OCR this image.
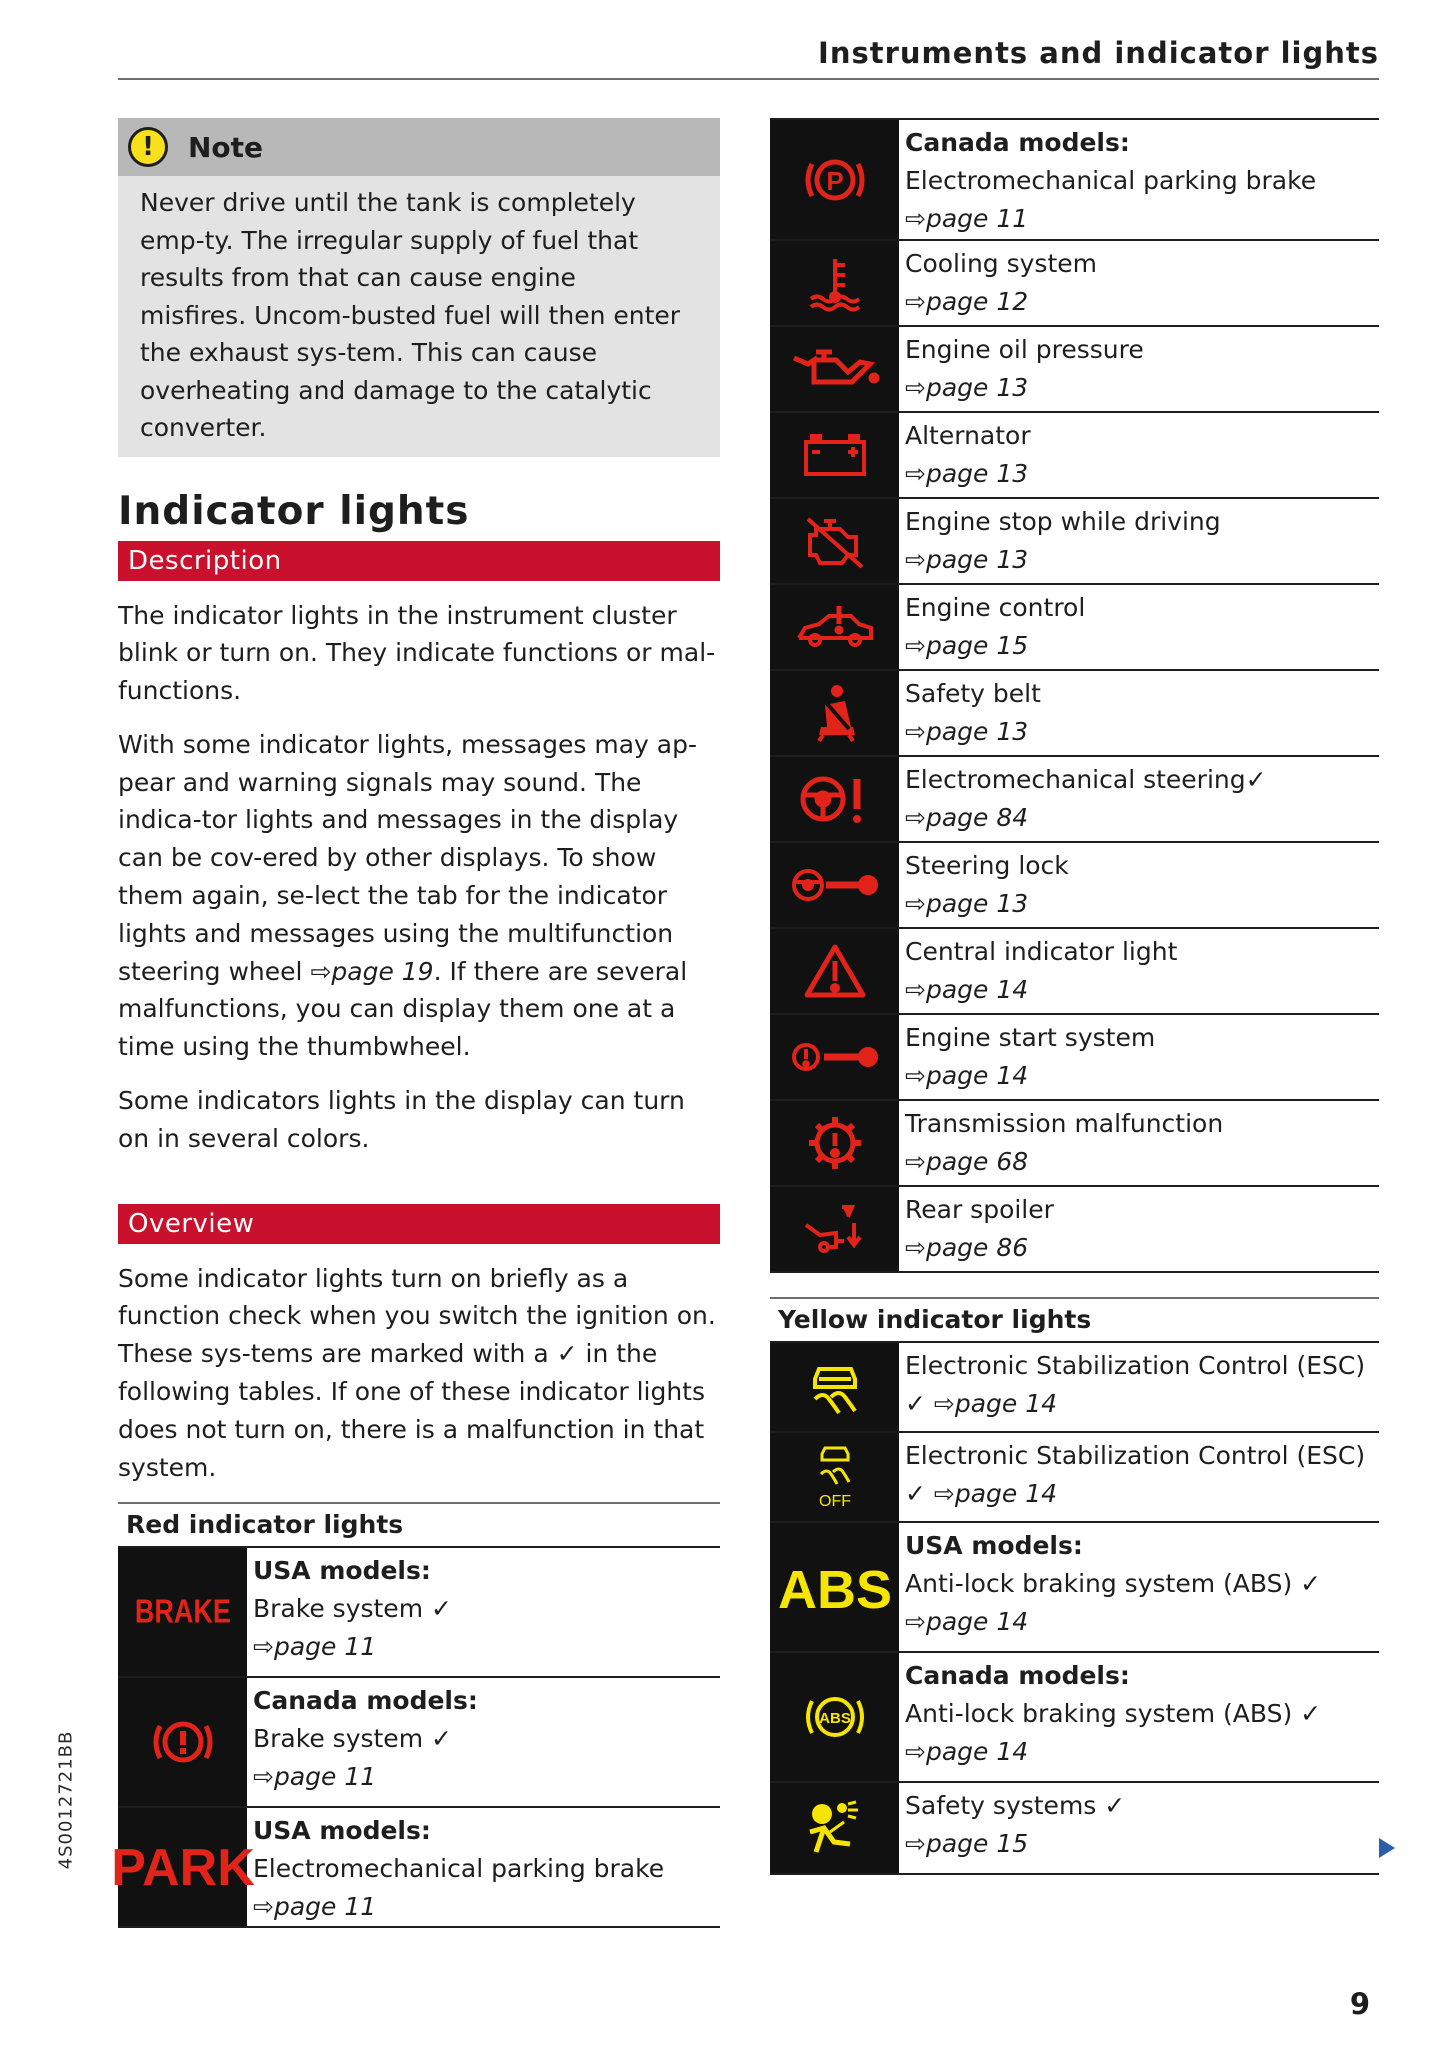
Instruments and indicator lights
4S0012721BB
9
!	Note
Never drive until the tank is completely emp-ty. The irregular supply of fuel that results from that can cause engine misfires. Uncom-busted fuel will then enter the exhaust sys-tem. This can cause overheating and damage to the catalytic converter.
Indicator lights
Description
The indicator lights in the instrument cluster blink or turn on. They indicate functions or mal-functions.
With some indicator lights, messages may ap-pear and warning signals may sound. The indica-tor lights and messages in the display can be cov-ered by other displays. To show them again, se-lect the tab for the indicator lights and messages using the multifunction steering wheel ⇨page 19. If there are several malfunctions, you can display them one at a time using the thumbwheel.
Some indicators lights in the display can turn on in several colors.
Overview
Some indicator lights turn on briefly as a function check when you switch the ignition on. These sys-tems are marked with a ✓ in the following tables. If one of these indicator lights does not turn on, there is a malfunction in that system.
Red indicator lights
BRAKE
USA models:
Brake system ✓
⇨page 11
Canada models:
Brake system ✓
⇨page 11
PARK
USA models:
Electromechanical parking brake
⇨page 11
P
Canada models:
Electromechanical parking brake
⇨page 11
Cooling system
⇨page 12
Engine oil pressure
⇨page 13
Alternator
⇨page 13
Engine stop while driving
⇨page 13
Engine control
⇨page 15
Safety belt
⇨page 13
Electromechanical steering✓
⇨page 84
Steering lock
⇨page 13
Central indicator light
⇨page 14
Engine start system
⇨page 14
Transmission malfunction
⇨page 68
Rear spoiler
⇨page 86
Yellow indicator lights
Electronic Stabilization Control (ESC)
✓ ⇨page 14
OFF
Electronic Stabilization Control (ESC)
✓ ⇨page 14
ABS
USA models:
Anti-lock braking system (ABS) ✓
⇨page 14
ABS
Canada models:
Anti-lock braking system (ABS) ✓
⇨page 14
Safety systems ✓
⇨page 15
